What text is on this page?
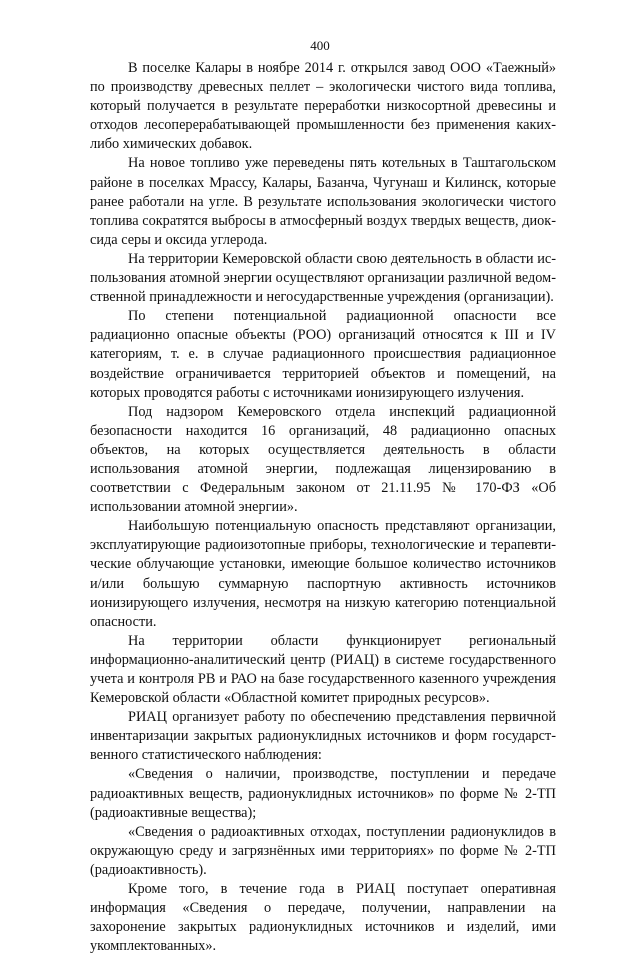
400

В поселке Калары в ноябре 2014 г. открылся завод ООО «Таежный» по производству древесных пеллет – экологически чистого вида топлива, который получается в результате переработки низкосортной древесины и отходов лесоперерабатывающей промышленности без применения каких-либо химических добавок.

На новое топливо уже переведены пять котельных в Таштагольском районе в поселках Мрассу, Калары, Базанча, Чугунаш и Килинск, которые ранее работали на угле. В результате использования экологически чистого топлива сократятся выбросы в атмосферный воздух твердых веществ, диоксида серы и оксида углерода.

На территории Кемеровской области свою деятельность в области использования атомной энергии осуществляют организации различной ведомственной принадлежности и негосударственные учреждения (организации).

По степени потенциальной радиационной опасности все радиационно опасные объекты (РОО) организаций относятся к III и IV категориям, т. е. в случае радиационного происшествия радиационное воздействие ограничивается территорией объектов и помещений, на которых проводятся работы с источниками ионизирующего излучения.

Под надзором Кемеровского отдела инспекций радиационной безопасности находится 16 организаций, 48 радиационно опасных объектов, на которых осуществляется деятельность в области использования атомной энергии, подлежащая лицензированию в соответствии с Федеральным законом от 21.11.95 № 170-ФЗ «Об использовании атомной энергии».

Наибольшую потенциальную опасность представляют организации, эксплуатирующие радиоизотопные приборы, технологические и терапевтические облучающие установки, имеющие большое количество источников и/или большую суммарную паспортную активность источников ионизирующего излучения, несмотря на низкую категорию потенциальной опасности.

На территории области функционирует региональный информационно-аналитический центр (РИАЦ) в системе государственного учета и контроля РВ и РАО на базе государственного казенного учреждения Кемеровской области «Областной комитет природных ресурсов».

РИАЦ организует работу по обеспечению представления первичной инвентаризации закрытых радионуклидных источников и форм государственного статистического наблюдения:

«Сведения о наличии, производстве, поступлении и передаче радиоактивных веществ, радионуклидных источников» по форме № 2-ТП (радиоактивные вещества);

«Сведения о радиоактивных отходах, поступлении радионуклидов в окружающую среду и загрязнённых ими территориях» по форме № 2-ТП (радиоактивность).

Кроме того, в течение года в РИАЦ поступает оперативная информация «Сведения о передаче, получении, направлении на захоронение закрытых радионуклидных источников и изделий, ими укомплектованных».
